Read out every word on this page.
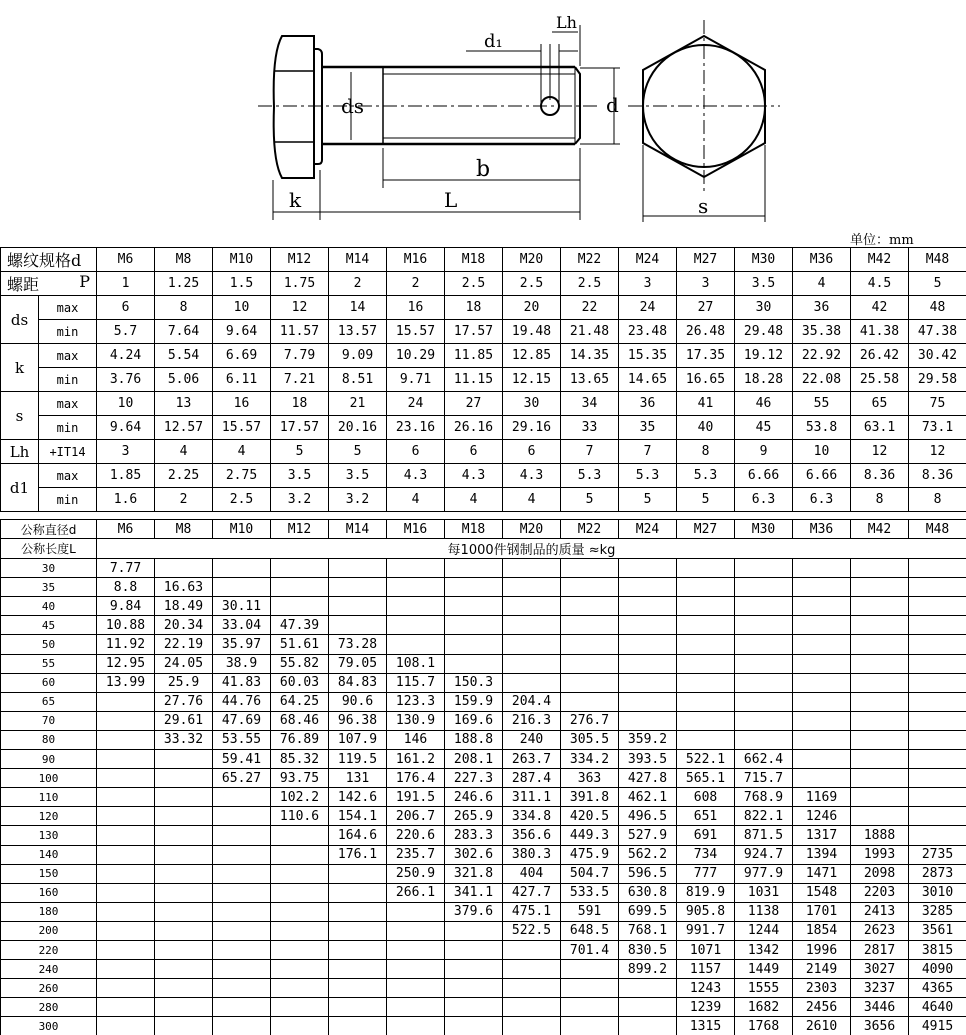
ds	d
d₁
Lh
b
k	L	s
单位：mm
螺纹规格d		M6	M8	M10	M12	M14	M16	M18	M20	M22	M24	M27	M30	M36	M42	M48

螺距 P		1	1.25	1.5	1.75	2	2	2.5	2.5	2.5	3	3	3.5	4	4.5	5
ds	max	6	8	10	12	14	16	18	20	22	24	27	30	36	42	48
	min	5.7	7.64	9.64	11.57	13.57	15.57	17.57	19.48	21.48	23.48	26.48	29.48	35.38	41.38	47.38
k	max	4.24	5.54	6.69	7.79	9.09	10.29	11.85	12.85	14.35	15.35	17.35	19.12	22.92	26.42	30.42
	min	3.76	5.06	6.11	7.21	8.51	9.71	11.15	12.15	13.65	14.65	16.65	18.28	22.08	25.58	29.58
s	max	10	13	16	18	21	24	27	30	34	36	41	46	55	65	75
	min	9.64	12.57	15.57	17.57	20.16	23.16	26.16	29.16	33	35	40	45	53.8	63.1	73.1
Lh	+IT14	3	4	4	5	5	6	6	6	7	7	8	9	10	12	12
d1	max	1.85	2.25	2.75	3.5	3.5	4.3	4.3	4.3	5.3	5.3	5.3	6.66	6.66	8.36	8.36
	min	1.6	2	2.5	3.2	3.2	4	4	4	5	5	5	6.3	6.3	8	8
公称直径d	M6	M8	M10	M12	M14	M16	M18	M20	M22	M24	M27	M30	M36	M42	M48
公称长度L	每1000件钢制品的质量 ≈kg														
30	7.77														
35	8.8	16.63													
40	9.84	18.49	30.11												
45	10.88	20.34	33.04	47.39											
50	11.92	22.19	35.97	51.61	73.28										
55	12.95	24.05	38.9	55.82	79.05	108.1									
60	13.99	25.9	41.83	60.03	84.83	115.7	150.3								
65		27.76	44.76	64.25	90.6	123.3	159.9	204.4							
70		29.61	47.69	68.46	96.38	130.9	169.6	216.3	276.7						
80		33.32	53.55	76.89	107.9	146	188.8	240	305.5	359.2					
90			59.41	85.32	119.5	161.2	208.1	263.7	334.2	393.5	522.1	662.4			
100			65.27	93.75	131	176.4	227.3	287.4	363	427.8	565.1	715.7			
110				102.2	142.6	191.5	246.6	311.1	391.8	462.1	608	768.9	1169		
120				110.6	154.1	206.7	265.9	334.8	420.5	496.5	651	822.1	1246		
130					164.6	220.6	283.3	356.6	449.3	527.9	691	871.5	1317	1888	
140					176.1	235.7	302.6	380.3	475.9	562.2	734	924.7	1394	1993	2735
150						250.9	321.8	404	504.7	596.5	777	977.9	1471	2098	2873
160						266.1	341.1	427.7	533.5	630.8	819.9	1031	1548	2203	3010
180							379.6	475.1	591	699.5	905.8	1138	1701	2413	3285
200								522.5	648.5	768.1	991.7	1244	1854	2623	3561
220									701.4	830.5	1071	1342	1996	2817	3815
240										899.2	1157	1449	2149	3027	4090
260											1243	1555	2303	3237	4365
280											1239	1682	2456	3446	4640
300											1315	1768	2610	3656	4915
